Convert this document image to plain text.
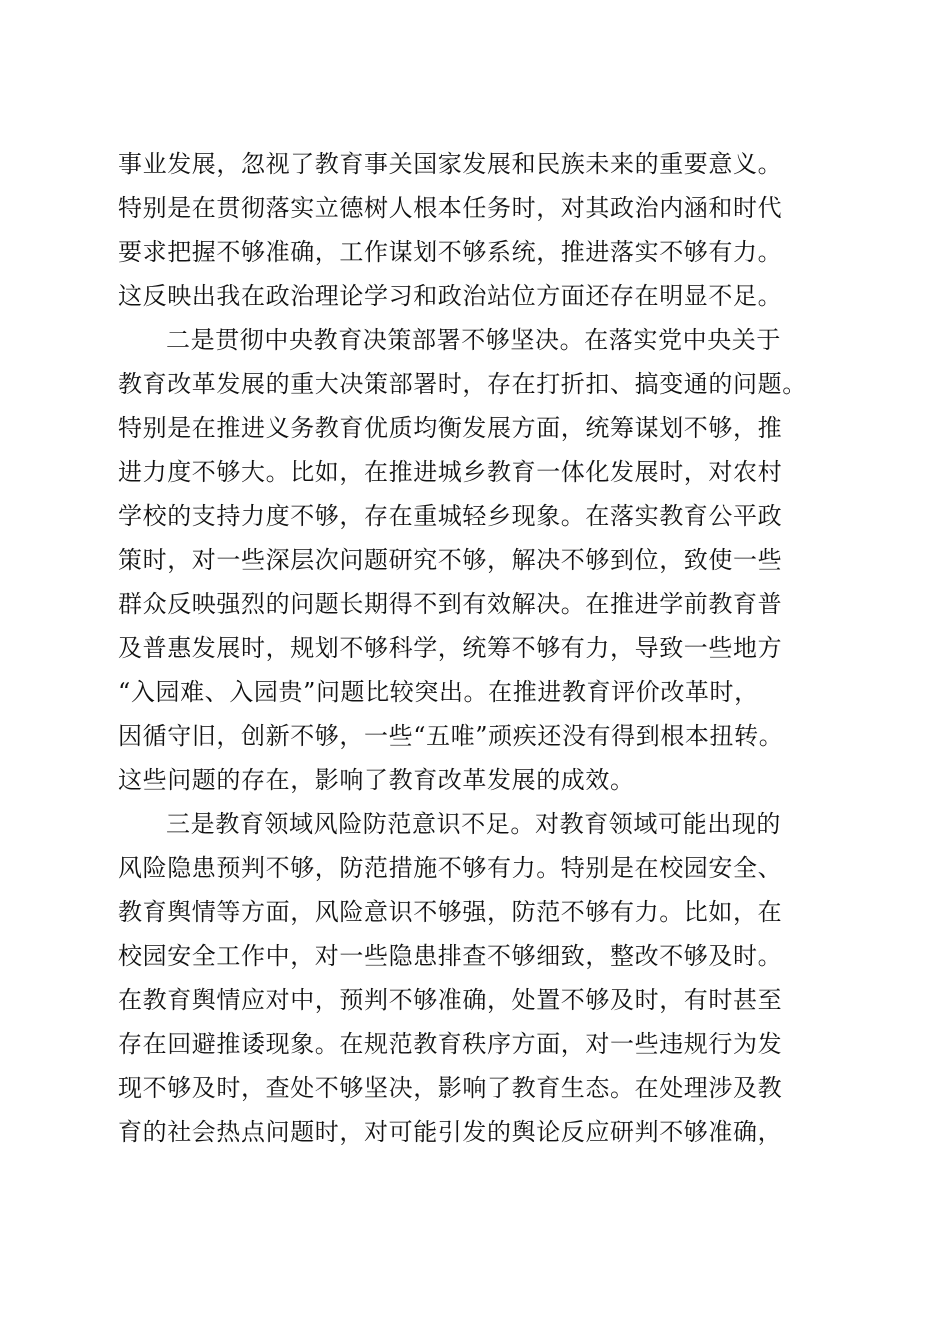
事业发展，忽视了教育事关国家发展和民族未来的重要意义。
特别是在贯彻落实立德树人根本任务时，对其政治内涵和时代
要求把握不够准确，工作谋划不够系统，推进落实不够有力。
这反映出我在政治理论学习和政治站位方面还存在明显不足。
二是贯彻中央教育决策部署不够坚决。在落实党中央关于
教育改革发展的重大决策部署时，存在打折扣、搞变通的问题。
特别是在推进义务教育优质均衡发展方面，统筹谋划不够，推
进力度不够大。比如，在推进城乡教育一体化发展时，对农村
学校的支持力度不够，存在重城轻乡现象。在落实教育公平政
策时，对一些深层次问题研究不够，解决不够到位，致使一些
群众反映强烈的问题长期得不到有效解决。在推进学前教育普
及普惠发展时，规划不够科学，统筹不够有力，导致一些地方
“入园难、入园贵”问题比较突出。在推进教育评价改革时，
因循守旧，创新不够，一些“五唯”顽疾还没有得到根本扭转。
这些问题的存在，影响了教育改革发展的成效。
三是教育领域风险防范意识不足。对教育领域可能出现的
风险隐患预判不够，防范措施不够有力。特别是在校园安全、
教育舆情等方面，风险意识不够强，防范不够有力。比如，在
校园安全工作中，对一些隐患排查不够细致，整改不够及时。
在教育舆情应对中，预判不够准确，处置不够及时，有时甚至
存在回避推诿现象。在规范教育秩序方面，对一些违规行为发
现不够及时，查处不够坚决，影响了教育生态。在处理涉及教
育的社会热点问题时，对可能引发的舆论反应研判不够准确，
